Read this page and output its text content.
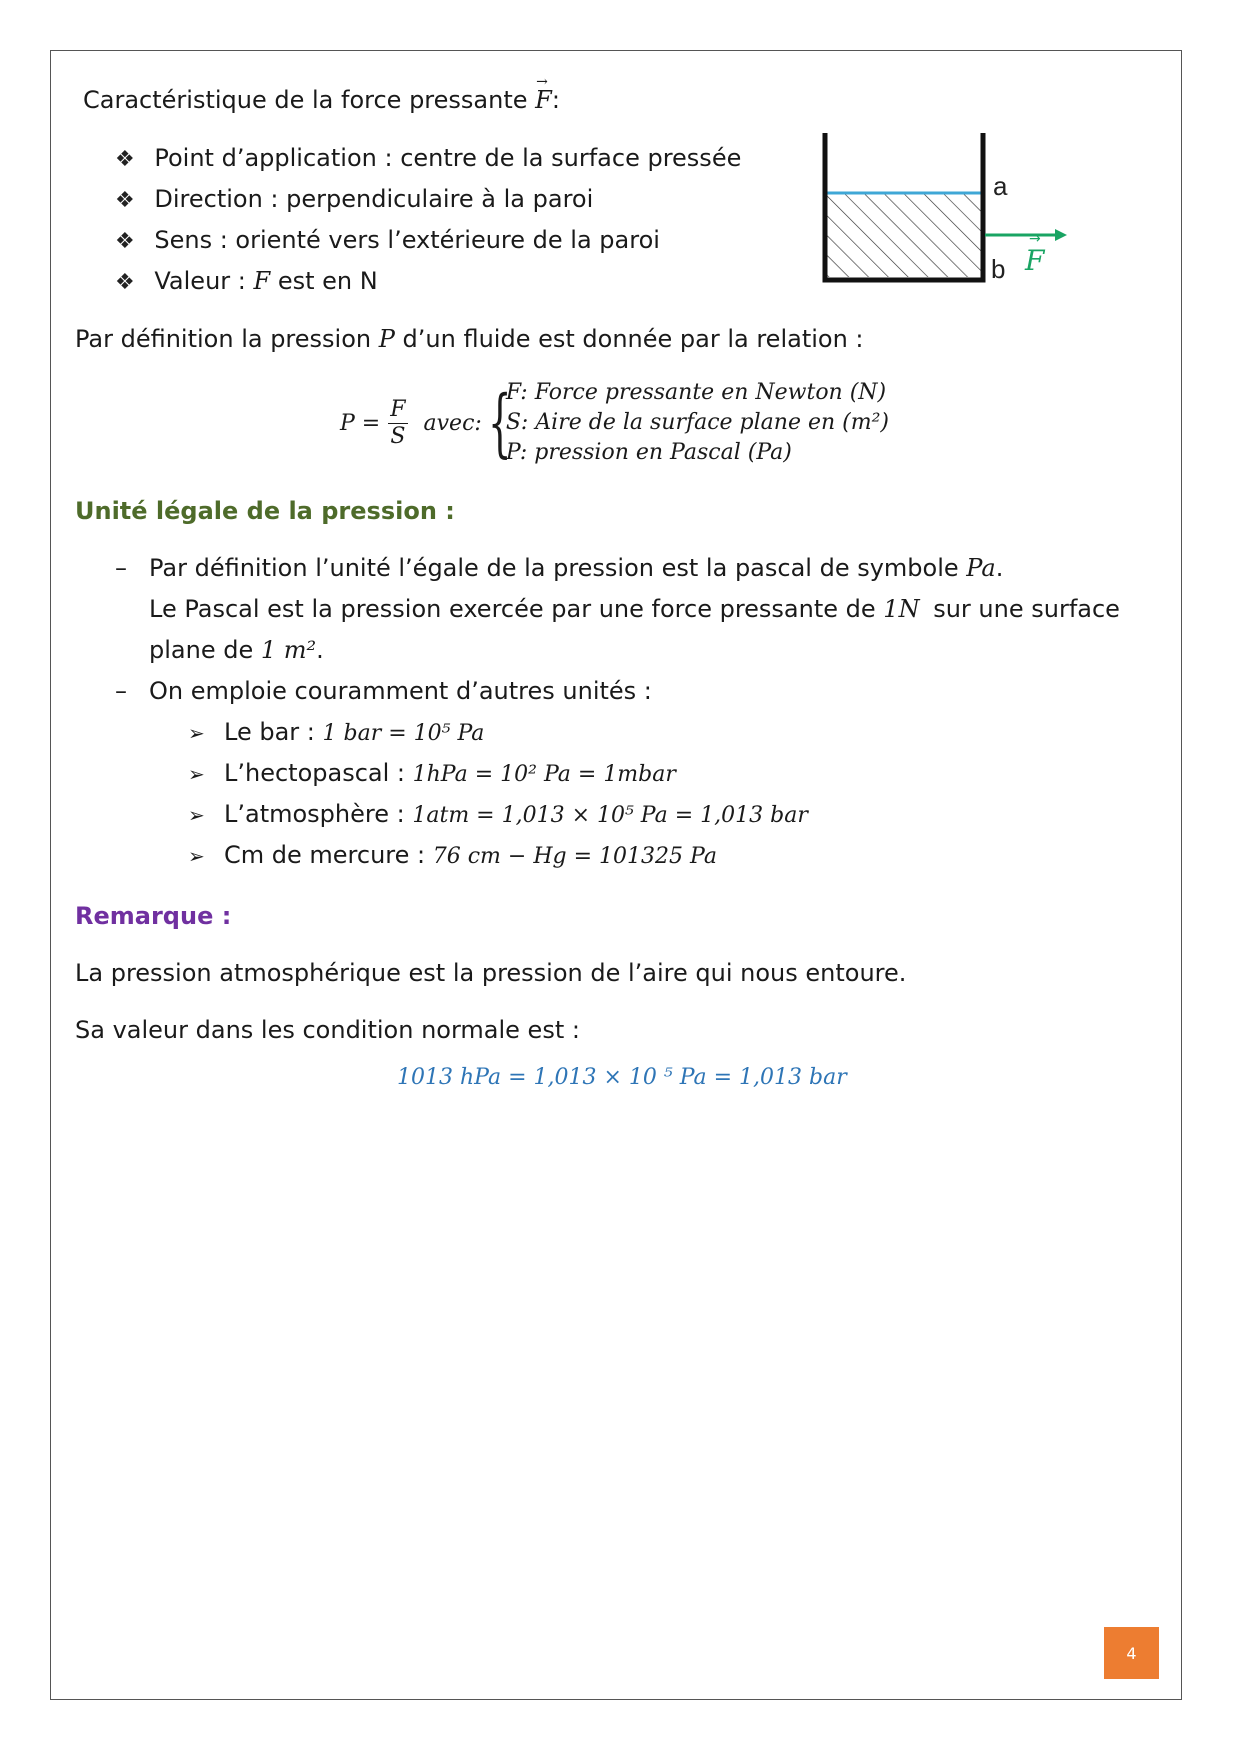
Caractéristique de la force pressante
→
F:
❖ Point d’application : centre de la surface pressée
❖ Direction : perpendiculaire à la paroi
❖ Sens : orienté vers l’extérieure de la paroi
❖ Valeur : F est en N
a
b F
→
Par définition la pression P d’un fluide est donnée par la relation :
$P = \frac{F}{S}$ avec: {
F: Force pressante en Newton (N)
S: Aire de la surface plane en (m²)
P: pression en Pascal (Pa)
Unité légale de la pression :
– Par définition l’unité l’égale de la pression est la pascal de symbole Pa.
Le Pascal est la pression exercée par une force pressante de 1N sur une surface
plane de 1 m².
– On emploie couramment d’autres unités :
➢ Le bar : 1 bar = 10⁵ Pa
➢ L’hectopascal : 1hPa = 10² Pa = 1mbar
➢ L’atmosphère : 1atm = 1,013 × 10⁵ Pa = 1,013 bar
➢ Cm de mercure : 76 cm − Hg = 101325 Pa
Remarque :
La pression atmosphérique est la pression de l’aire qui nous entoure.
Sa valeur dans les condition normale est :
1013 hPa = 1,013 × 10 ⁵ Pa = 1,013 bar
4
